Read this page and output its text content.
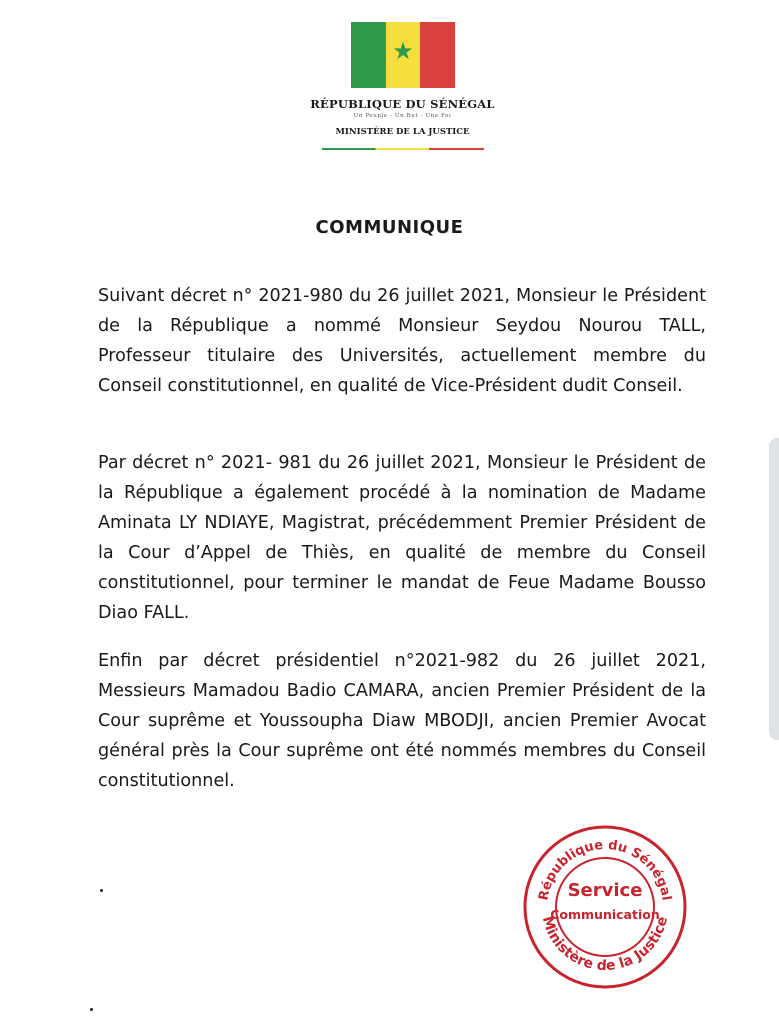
★
RÉPUBLIQUE DU SÉNÉGAL
Un Peuple - Un But - Une Foi
MINISTÈRE DE LA JUSTICE
COMMUNIQUE

Suivant décret n° 2021-980 du 26 juillet 2021, Monsieur le Président de la République a nommé Monsieur Seydou Nourou TALL, Professeur titulaire des Universités, actuellement membre du Conseil constitutionnel, en qualité de Vice-Président dudit Conseil.

Par décret n° 2021- 981 du 26 juillet 2021, Monsieur le Président de la République a également procédé à la nomination de Madame Aminata LY NDIAYE, Magistrat, précédemment Premier Président de la Cour d’Appel de Thiès, en qualité de membre du Conseil constitutionnel, pour terminer le mandat de Feue Madame Bousso Diao FALL.

Enfin par décret présidentiel n°2021-982 du 26 juillet 2021, Messieurs Mamadou Badio CAMARA, ancien Premier Président de la Cour suprême et Youssoupha Diaw MBODJI, ancien Premier Avocat général près la Cour suprême ont été nommés membres du Conseil constitutionnel.

République du Sénégal
Ministère de la Justice
Service
Communication
